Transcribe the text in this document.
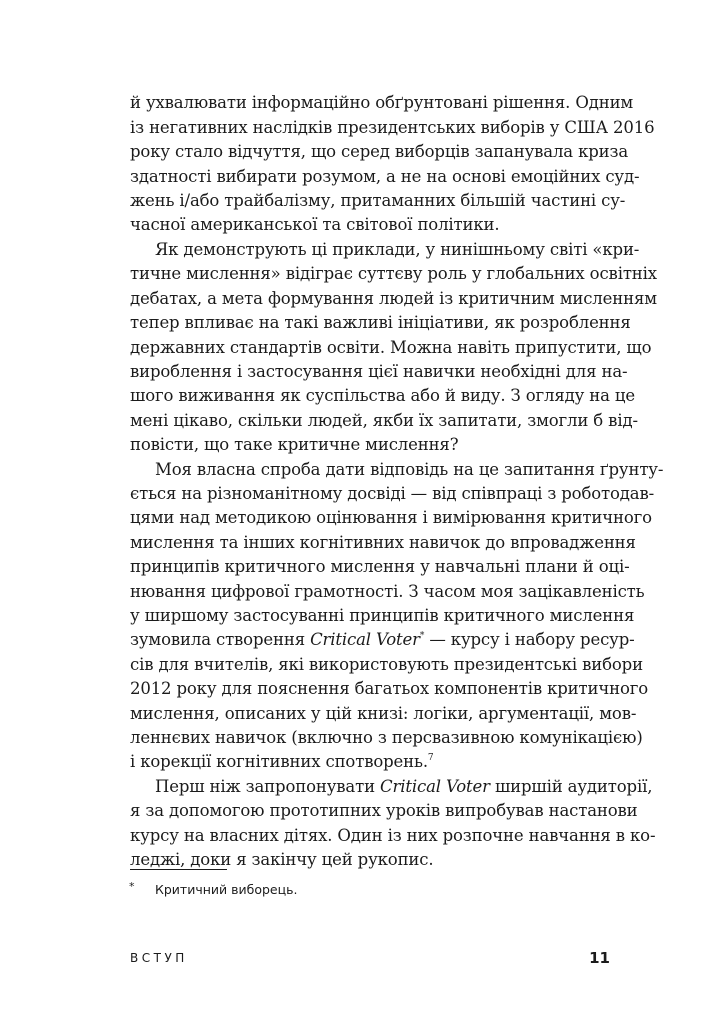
й ухвалювати інформаційно обґрунтовані рішення. Одним
із негативних наслідків президентських виборів у США 2016
року стало відчуття, що серед виборців запанувала криза
здатності вибирати розумом, а не на основі емоційних суд-
жень і/або трайбалізму, притаманних більшій частині су-
часної американської та світової політики.
Як демонструють ці приклади, у нинішньому світі «кри-
тичне мислення» відіграє суттєву роль у глобальних освітніх
дебатах, а мета формування людей із критичним мисленням
тепер впливає на такі важливі ініціативи, як розроблення
державних стандартів освіти. Можна навіть припустити, що
вироблення і застосування цієї навички необхідні для на-
шого виживання як суспільства або й виду. З огляду на це
мені цікаво, скільки людей, якби їх запитати, змогли б від-
повісти, що таке критичне мислення?
Моя власна спроба дати відповідь на це запитання ґрунту-
ється на різноманітному досвіді — від співпраці з роботодав-
цями над методикою оцінювання і вимірювання критичного
мислення та інших когнітивних навичок до впровадження
принципів критичного мислення у навчальні плани й оці-
нювання цифрової грамотності. З часом моя зацікавленість
у ширшому застосуванні принципів критичного мислення
зумовила створення Critical Voter* — курсу і набору ресур-
сів для вчителів, які використовують президентські вибори
2012 року для пояснення багатьох компонентів критичного
мислення, описаних у цій книзі: логіки, аргументації, мов-
леннєвих навичок (включно з персвазивною комунікацією)
і корекції когнітивних спотворень.$^7$
Перш ніж запропонувати Critical Voter ширшій аудиторії,
я за допомогою прототипних уроків випробував настанови
курсу на власних дітях. Один із них розпочне навчання в ко-
леджі, доки я закінчу цей рукопис.
* Критичний виборець.
ВСТУП	11
